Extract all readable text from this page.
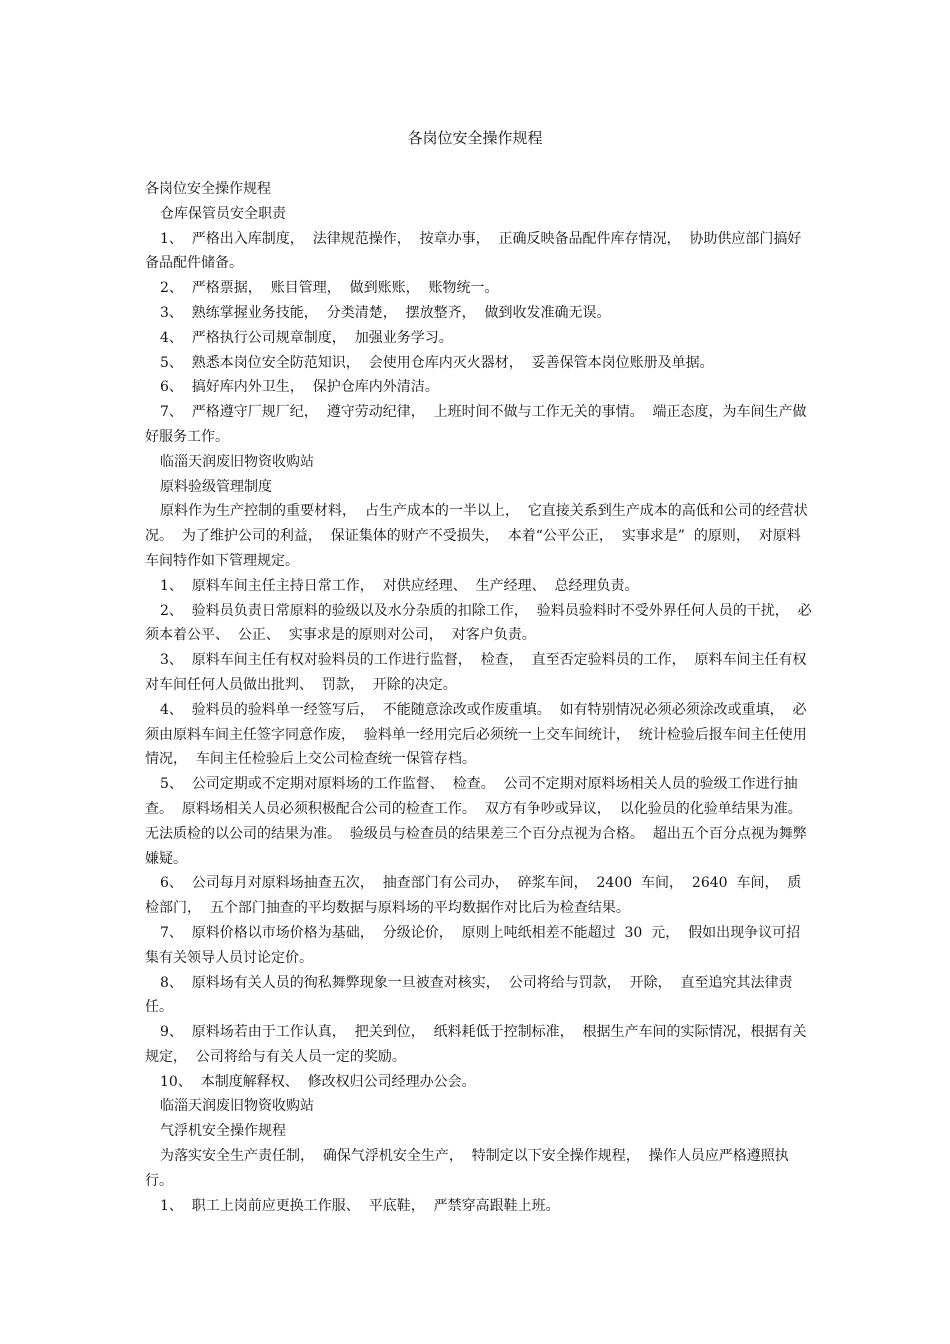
各岗位安全操作规程

各岗位安全操作规程

仓库保管员安全职责

1、  严格出入库制度，  法律规范操作，  按章办事，  正确反映备品配件库存情况，  协助供应部门搞好备品配件储备。

2、  严格票据，  账目管理，  做到账账，  账物统一。

3、  熟练掌握业务技能，  分类清楚，  摆放整齐，  做到收发准确无误。

4、  严格执行公司规章制度，  加强业务学习。

5、  熟悉本岗位安全防范知识，  会使用仓库内灭火器材，  妥善保管本岗位账册及单据。

6、  搞好库内外卫生，  保护仓库内外清洁。

7、  严格遵守厂规厂纪，  遵守劳动纪律，  上班时间不做与工作无关的事情。  端正态度，为车间生产做好服务工作。

临淄天润废旧物资收购站

原料验级管理制度

原料作为生产控制的重要材料，  占生产成本的一半以上，  它直接关系到生产成本的高低和公司的经营状况。  为了维护公司的利益，  保证集体的财产不受损失，  本着“公平公正，  实事求是”  的原则，  对原料车间特作如下管理规定。

1、  原料车间主任主持日常工作，  对供应经理、  生产经理、  总经理负责。

2、  验料员负责日常原料的验级以及水分杂质的扣除工作，  验料员验料时不受外界任何人员的干扰，  必须本着公平、  公正、  实事求是的原则对公司，  对客户负责。

3、  原料车间主任有权对验料员的工作进行监督，  检查，  直至否定验料员的工作，  原料车间主任有权对车间任何人员做出批判、  罚款，  开除的决定。

4、  验料员的验料单一经签写后，  不能随意涂改或作废重填。  如有特别情况必须必须涂改或重填，  必须由原料车间主任签字同意作废，  验料单一经用完后必须统一上交车间统计，  统计检验后报车间主任使用情况，  车间主任检验后上交公司检查统一保管存档。

5、  公司定期或不定期对原料场的工作监督、  检查。  公司不定期对原料场相关人员的验级工作进行抽查。  原料场相关人员必须积极配合公司的检查工作。  双方有争吵或异议，  以化验员的化验单结果为准。  无法质检的以公司的结果为准。  验级员与检查员的结果差三个百分点视为合格。  超出五个百分点视为舞弊嫌疑。

6、  公司每月对原料场抽查五次，  抽查部门有公司办，  碎浆车间，  2400  车间，  2640  车间，  质检部门，  五个部门抽查的平均数据与原料场的平均数据作对比后为检查结果。

7、  原料价格以市场价格为基础，  分级论价，  原则上吨纸相差不能超过  30  元，  假如出现争议可招集有关领导人员讨论定价。

8、  原料场有关人员的徇私舞弊现象一旦被查对核实，  公司将给与罚款，  开除，  直至追究其法律责任。

9、  原料场若由于工作认真，  把关到位，  纸料耗低于控制标准，  根据生产车间的实际情况，根据有关规定，  公司将给与有关人员一定的奖励。

10、  本制度解释权、  修改权归公司经理办公会。

临淄天润废旧物资收购站

气浮机安全操作规程

为落实安全生产责任制，  确保气浮机安全生产，  特制定以下安全操作规程，  操作人员应严格遵照执行。

1、  职工上岗前应更换工作服、  平底鞋，  严禁穿高跟鞋上班。
